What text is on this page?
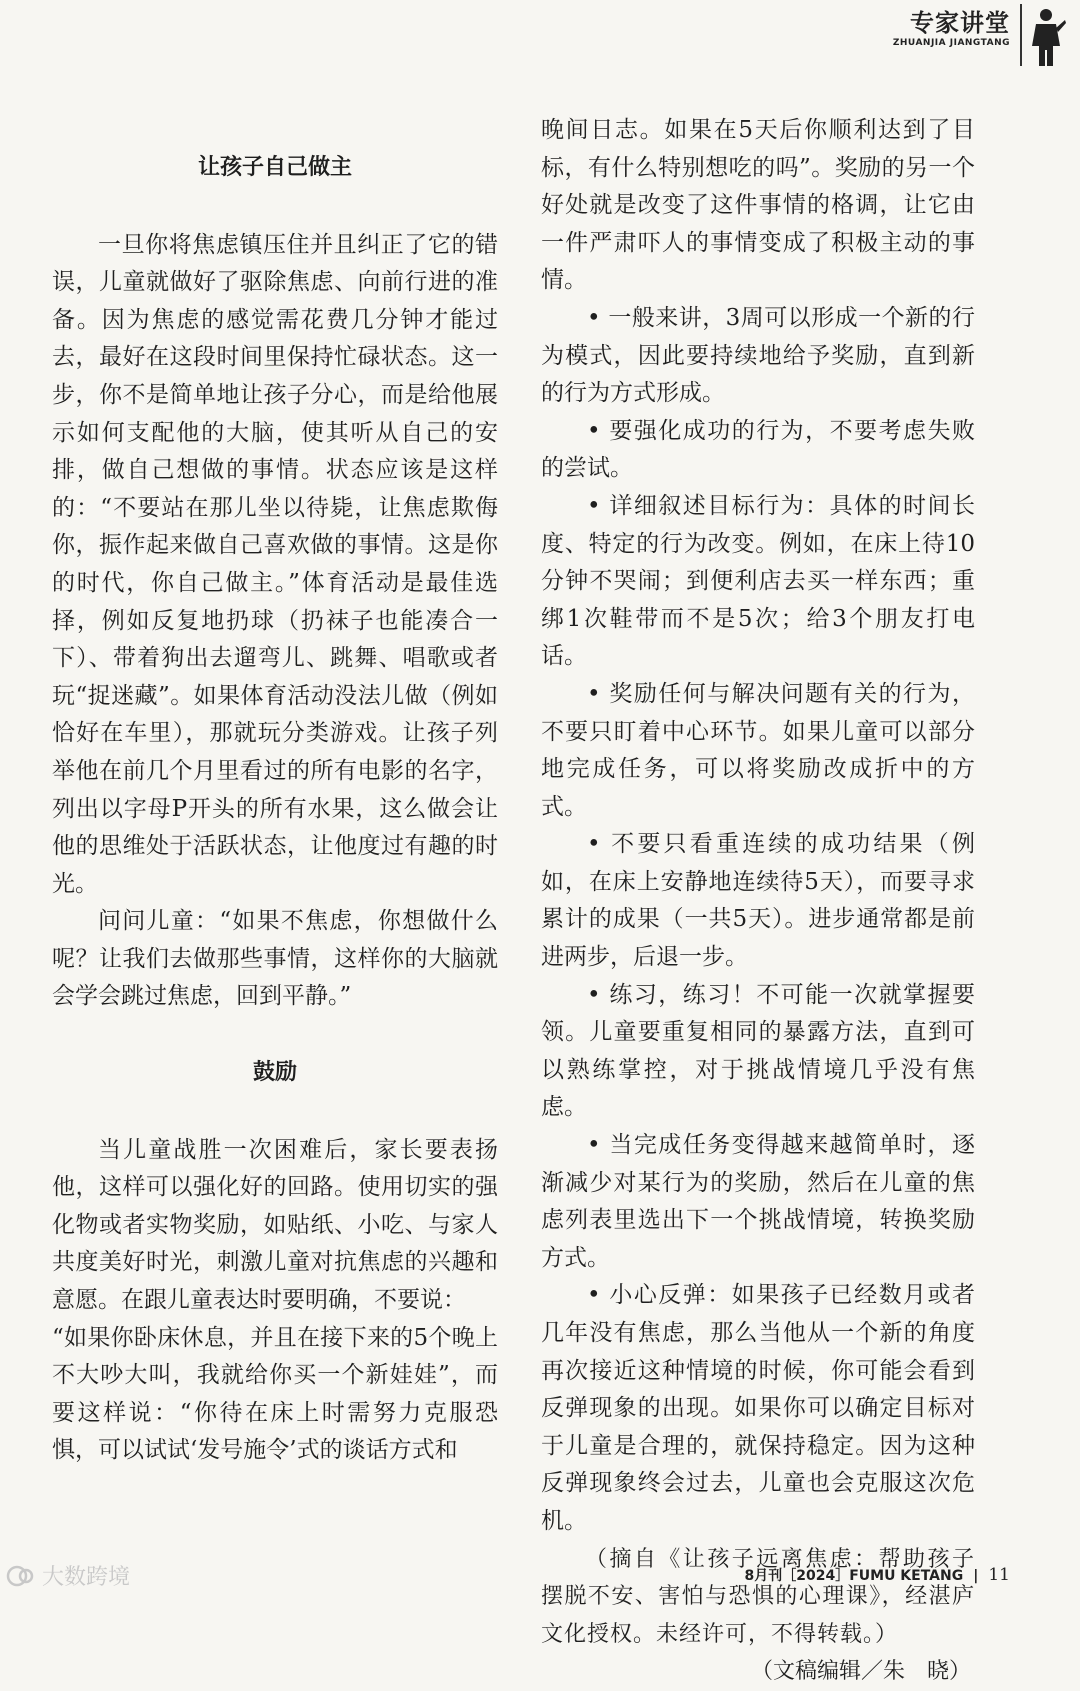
专家讲堂
ZHUANJIA JIANGTANG

让孩子自己做主

一旦你将焦虑镇压住并且纠正了它的错误，儿童就做好了驱除焦虑、向前行进的准备。因为焦虑的感觉需花费几分钟才能过去，最好在这段时间里保持忙碌状态。这一步，你不是简单地让孩子分心，而是给他展示如何支配他的大脑，使其听从自己的安排，做自己想做的事情。状态应该是这样的：“不要站在那儿坐以待毙，让焦虑欺侮你，振作起来做自己喜欢做的事情。这是你的时代，你自己做主。”体育活动是最佳选择，例如反复地扔球（扔袜子也能凑合一下）、带着狗出去遛弯儿、跳舞、唱歌或者玩“捉迷藏”。如果体育活动没法儿做（例如恰好在车里），那就玩分类游戏。让孩子列举他在前几个月里看过的所有电影的名字，列出以字母P开头的所有水果，这么做会让他的思维处于活跃状态，让他度过有趣的时光。

问问儿童：“如果不焦虑，你想做什么呢？让我们去做那些事情，这样你的大脑就会学会跳过焦虑，回到平静。”

鼓励

当儿童战胜一次困难后，家长要表扬他，这样可以强化好的回路。使用切实的强化物或者实物奖励，如贴纸、小吃、与家人共度美好时光，刺激儿童对抗焦虑的兴趣和意愿。在跟儿童表达时要明确，不要说：

“如果你卧床休息，并且在接下来的5个晚上不大吵大叫，我就给你买一个新娃娃”，而要这样说：“你待在床上时需努力克服恐惧，可以试试‘发号施令’式的谈话方式和

晚间日志。如果在5天后你顺利达到了目标，有什么特别想吃的吗”。奖励的另一个好处就是改变了这件事情的格调，让它由一件严肃吓人的事情变成了积极主动的事情。

• 一般来讲，3周可以形成一个新的行为模式，因此要持续地给予奖励，直到新的行为方式形成。

• 要强化成功的行为，不要考虑失败的尝试。

• 详细叙述目标行为：具体的时间长度、特定的行为改变。例如，在床上待10分钟不哭闹；到便利店去买一样东西；重绑1次鞋带而不是5次；给3个朋友打电话。

• 奖励任何与解决问题有关的行为，不要只盯着中心环节。如果儿童可以部分地完成任务，可以将奖励改成折中的方式。

• 不要只看重连续的成功结果（例如，在床上安静地连续待5天），而要寻求累计的成果（一共5天）。进步通常都是前进两步，后退一步。

• 练习，练习！不可能一次就掌握要领。儿童要重复相同的暴露方法，直到可以熟练掌控，对于挑战情境几乎没有焦虑。

• 当完成任务变得越来越简单时，逐渐减少对某行为的奖励，然后在儿童的焦虑列表里选出下一个挑战情境，转换奖励方式。

• 小心反弹：如果孩子已经数月或者几年没有焦虑，那么当他从一个新的角度再次接近这种情境的时候，你可能会看到反弹现象的出现。如果你可以确定目标对于儿童是合理的，就保持稳定。因为这种反弹现象终会过去，儿童也会克服这次危机。

（摘自《让孩子远离焦虑：帮助孩子摆脱不安、害怕与恐惧的心理课》，经湛庐文化授权。未经许可，不得转载。）

（文稿编辑／朱　晓）

8月刊［2024］FUMU KETANG | 11
大数跨境
